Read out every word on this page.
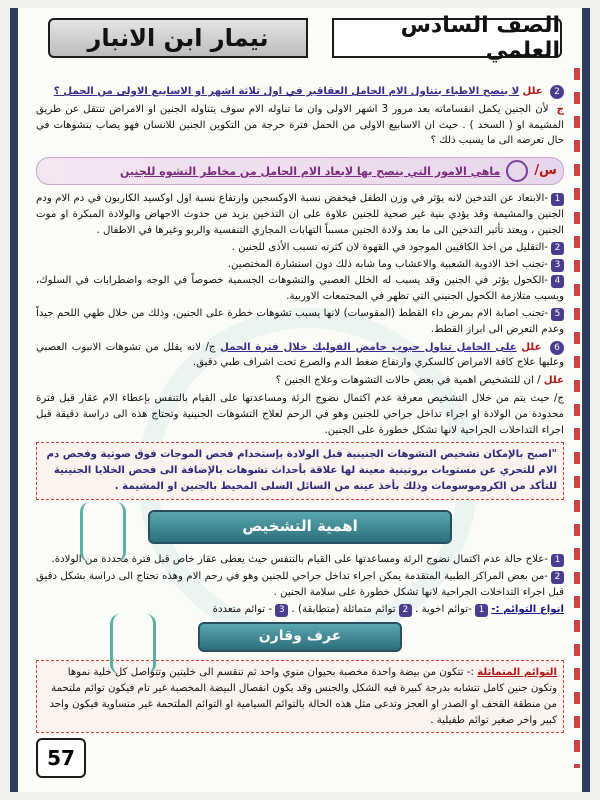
الصف السادس العلمي
نيمار ابن الانبار

2 علل لا ينصح الاطباء بتناول الام الحامل العقاقير في اول ثلاثة اشهر او الاسابيع الاولى من الحمل ؟

ج لأن الجنين يكمل انقساماته بعد مرور 3 اشهر الاولى وان ما تناوله الام سوف يتناوله الجنين او الامراض تنتقل عن طريق المشيمة او ( السخد ) . حيث ان الاسابيع الاولى من الحمل فترة حرجة من التكوين الجنين للانسان فهو يصاب بتشوهات في حال تعرضه الى ما يسبب ذلك ؟

س/
ماهي الامور التي ينصح بها لابعاد الام الحامل من مخاطر التشوه للجنين

1-الابتعاد عن التدخين لانه يؤثر في وزن الطفل فيخفض نسبة الاوكسجين وارتفاع نسبة اول اوكسيد الكاربون في دم الام ودم الجنين والمشيمة وقد يؤدي بنية غير صحية للجنين علاوة على ان التدخين يزيد من حدوث الاجهاض والولادة المبكرة او موت الجنين ، ويعتد تأثير التدخين الى ما بعد ولادة الجنين مسبباً التهابات المجاري التنفسية والربو وغيرها في الاطفال .

2-التقليل من اخذ الكافيين الموجود في القهوة لان كثرته تسبب الأذى للجنين .

3-تجنب اخذ الادوية الشعبية والاعشاب وما شابه ذلك دون استشارة المختصين.

4-الكحول يؤثر في الجنين وقد يسبب له الخلل العصبي والتشوهات الجسمية خصوصاً في الوجه واضطرابات في السلوك، ويسبب متلازمة الكحول الجنيني التي تظهر في المجتمعات الاوربية.

5-تجنب اصابة الام بمرض داء القطط (المقوسات) لانها يسبب تشوهات خطرة على الجنين، وذلك من خلال طهي اللحم جيداً وعدم التعرض الى ابراز القطط.

6 علل على الحامل تناول حبوب حامض الفوليك خلال فترة الحمل ج/ لانه يقلل من تشوهات الانبوب العصبي وعليها علاج كافة الامراض كالسكري وارتفاع ضغط الدم والصرع تحت اشراف طبي دقيق.

علل / ان للتشخيص اهمية في بعض حالات التشوهات وعلاج الجنين ؟

ج/ حيث يتم من خلال التشخيص معرفة عدم اكتمال نضوج الرئة ومساعدتها على القيام بالتنفس بإعطاء الام عقار قبل فترة محدودة من الولادة او اجراء تداخل جراحي للجنين وهو في الرحم لعلاج التشوهات الجنينية وتحتاج هذه الى دراسة دقيقة قبل اجراء التداخلات الجراحية لانها تشكل خطورة على الجنين.

"اصبح بالإمكان تشخيص التشوهات الجنينية قبل الولادة بإستخدام فحص الموجات فوق صوتية وفحص دم الام للتحري عن مستويات بروتينية معينة لها علاقة بأحداث تشوهات بالإضافة الى فحص الخلايا الجنينية للتأكد من الكروموسومات وذلك بأخذ عينه من السائل السلى المحيط بالجنين او المشيمة .
اهمية التشخيص

1-علاج حالة عدم اكتمال نضوج الرئة ومساعدتها على القيام بالتنفس حيث يعطى عقار خاص قبل فترة محددة من الولادة.

2-من بعض المراكز الطبية المتقدمة يمكن اجراء تداخل جراحي للجنين وهو في رحم الام وهذه تحتاج الى دراسة بشكل دقيق قبل اجراء التداخلات الجراحية لانها تشكل خطورة على سلامة الجنين .

انواع التوائم :- 1 -توائم اخوية . 2 توائم متماثلة (متطابقة) . 3 - توائم متعددة

عرف وقارن
التوائم المتماثلة :- تتكون من بيضة واحدة مخصبة بحيوان منوي واحد ثم تنقسم الى خليتين وتتواصل كل خلية نموها وتكون جنين كامل تتشابه بدرجة كبيرة فيه الشكل والجنس وقد يكون انفصال البيضة المخصبة غير تام فيكون توائم ملتحمة من منطقة القحف او الصدر او العجز وتدعى مثل هذه الحالة بالتوائم السيامية او التوائم الملتحمة غير متساوية فيكون واحد كبير واخر صغير توائم طفيلية .
57
